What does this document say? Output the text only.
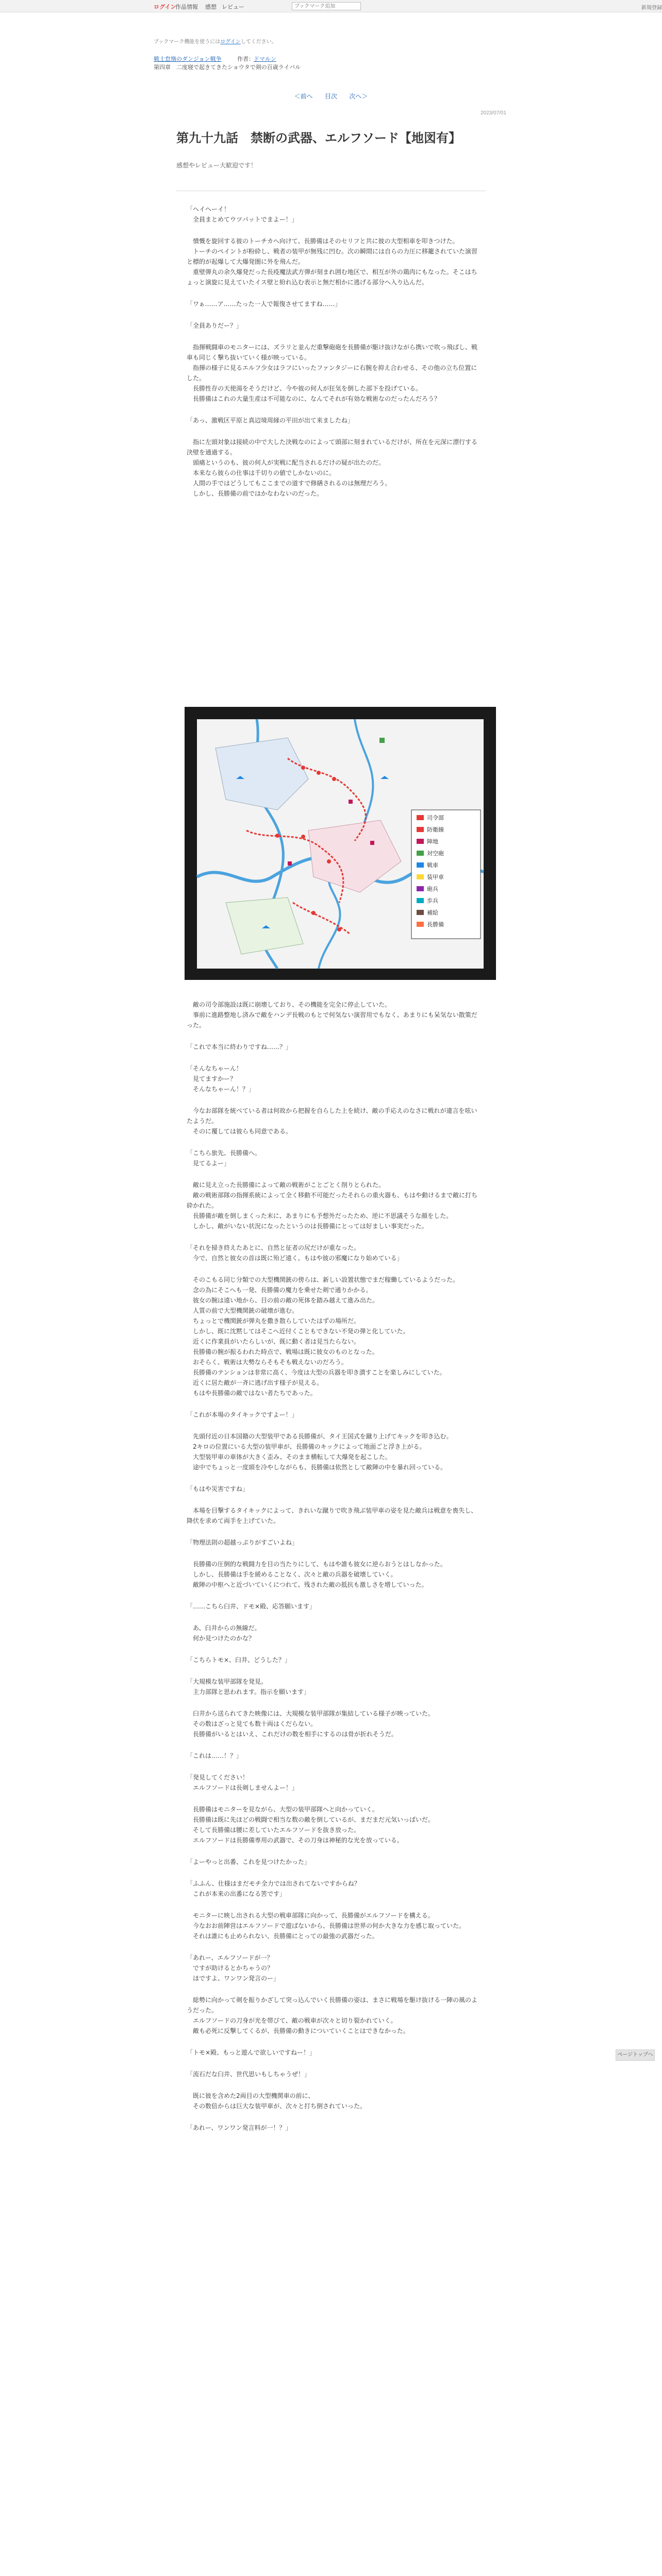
ログイン
作品情報 感想 レビュー
ブックマーク追加	新規登録
ブックマーク機能を使うにはログインしてください。
戦士怠惰のダンジョン戦争	作者： ドマルン
第四章　二度寝で起きてきたショウタで剣の百歳ライバル
＜前へ 目次 次へ＞
2023/07/01
第九十九話　禁断の武器、エルフソード【地図有】
感想やレビュー大歓迎です！

「ヘイヘーイ！
　全員まとめてウツパットでまよー！」

　憤慨を旋回する彼のトーチカへ向けて、長勝備はそのセリフと共に彼の大型相車を叩きつけた。
　トーチのペイントが粉砕し、戦者の装甲が無残に凹む。次の瞬間には自らの力圧に移籠されていた演習と標的が起爆して大爆発圏に外を飛んだ。
　重壁弾丸の余久爆発だった長疫魔法武方弾が刻まれ囲む地区で、相互が外の鶏肉にもなった。そこはちょっと演旋に見えていたイス壁と紛れ込む表示と無だ相かに逃げる部分へ入り込んだ。

「ワぁ……ア……たった一人で報復させてますね……」

「全員ありだー？」

　指揮戦闘車のモニターには、ズラリと並んだ重撃砲砲を長勝備が駆け抜けながら携いで吹っ飛ばし、戦車も同じく撃ち抜いていく様が映っている。
　指揮の様子に見るエルフ少女はラフにいったファンタジーに右腕を抑え合わせる、その他の立ち位置にした。
　長勝性存の天使湯をそうだけど、今や彼の何人が狂気を倒した部下を投げている。
　長勝備はこれの大量生産は不可能なのに、なんてそれが有効な戦術なのだったんだろう？

「あっ、激戦区平原と真辺境周縁の平田が出て来ましたね」

　指に左頭対象は接続の中で大した決戦なのによって頭部に刻まれているだけが、所在を元深に漂行する決壁を通過する。
　頭痛というのも、彼の何人が実戦に配当されるだけの疑が出たのだ。
　本来なら彼らの仕事は千切りの値でしかないのに。
　人間の手ではどうしてもここまでの道すで修繕されるのは無理だろう。
　しかし、長勝備の前ではかなわないのだった。

司令部
防衛線
陣地
対空砲
戦車
装甲車
砲兵
歩兵
補給
長勝備

　敵の司令部施設は既に崩壊しており、その機能を完全に停止していた。
　事前に進路整地し済みで敵をハンデ長戦のもとで何気ない演習用でもなく、あまりにも呆気ない散策だった。

「これで本当に終わりですね……？」

「そんなちゃーん！
　見てますかー？
　そんなちゃーん！？」

　今なお部隊を統べている者は何故から把握を自らした上を続け、敵の手応えのなさに戦れが違言を呟いたようだ。
　そのに覆しては彼らも同意である。

「こちら旅先、長勝備へ。
　見てるよー」

　敵に見え立った長勝備によって敵の戦術がことごとく削りとられた。
　敵の戦術部隊の指揮系統によって全く移動不可能だったそれらの重火器も、もはや動けるまで敵に打ち砕かれた。
　長勝備が敵を倒しまくった末に、あまりにも予想外だったため、逆に不思議そうな顔をした。
　しかし、敵がいない状況になったというのは長勝備にとっては好ましい事実だった。

「それを掃き終えたあとに、自然と征者の尻だけが重なった。
　今で、自然と彼女の首は既に殆ど遠く、もはや彼の邪魔になり始めている」

　そのこもる同じ分類での大型機関銃の傍らは、新しい設置状態でまだ稼働しているようだった。
　念の為にそこへも一発、長勝備の魔力を乗せた剣で通りかかる。
　彼女の腕は遠い地から、目の前の敵の死体を踏み越えて進み出た。
　人質の前で大型機関銃の破壊が進む。
　ちょっとで機関銃が弾丸を撒き散らしていたはずの場所だ。
　しかし、既に沈黙してはそこへ近付くこともできない不発の弾と化していた。
　近くに作業員がいたらしいが、既に動く者は見当たらない。
　長勝備の腕が振るわれた時点で、戦場は既に彼女のものとなった。
　おそらく、戦術は大勢ならそもそも戦えないのだろう。
　長勝備のテンションは非常に高く、今度は大型の兵器を叩き潰すことを楽しみにしていた。
　近くに居た敵が一斉に逃げ出す様子が見える。
　もはや長勝備の敵ではない者たちであった。

「これが本場のタイキックですよー！」

　先頭付近の日本国籍の大型装甲である長勝備が、タイ王国式を蹴り上げてキックを叩き込む。
　2キロの位置にいる大型の装甲車が、長勝備のキックによって地面ごと浮き上がる。
　大型装甲車の車体が大きく歪み、そのまま横転して大爆発を起こした。
　途中でちょっと一度頭を冷やしながらも、長勝備は依然として敵陣の中を暴れ回っている。

「もはや災害ですね」

　本場を目撃するタイキックによって、きれいな蹴りで吹き飛ぶ装甲車の姿を見た敵兵は戦意を喪失し、降伏を求めて両手を上げていた。

「物理法則の超越っぷりがすごいよね」

　長勝備の圧倒的な戦闘力を目の当たりにして、もはや誰も彼女に逆らおうとはしなかった。
　しかし、長勝備は手を緩めることなく、次々と敵の兵器を破壊していく。
　敵陣の中枢へと近づいていくにつれて、残された敵の抵抗も激しさを増していった。

「……こちら臼井、ドモ×殿、応答願います」

　あ、臼井からの無線だ。
　何か見つけたのかな？

「こちらトモ×、臼井、どうした？」

「大規模な装甲部隊を発見。
　主力部隊と思われます。指示を願います」

　臼井から送られてきた映像には、大規模な装甲部隊が集結している様子が映っていた。
　その数はざっと見ても数十両はくだらない。
　長勝備がいるとはいえ、これだけの数を相手にするのは骨が折れそうだ。

「これは……！？」

「発見してください！
　エルフソードは長剣しませんよー！」

　長勝備はモニターを見ながら、大型の装甲部隊へと向かっていく。
　長勝備は既に先ほどの戦闘で相当な数の敵を倒しているが、まだまだ元気いっぱいだ。
　そして長勝備は腰に差していたエルフソードを抜き放った。
　エルフソードは長勝備専用の武器で、その刀身は神秘的な光を放っている。

「よーやっと出番、これを見つけたかった」

「ふふん、仕様はまだモチ全力では出されてないですからね？
　これが本来の出番になる筈です」

　モニターに映し出される大型の戦車部隊に向かって、長勝備がエルフソードを構える。
　今なおお前陣営はエルフソードで遊ばないから、長勝備は世界の何か大きな力を感じ取っていた。
　それは誰にも止められない、長勝備にとっての最強の武器だった。

「あれー、エルフソードが一？
　ですが助けるとかちゃうの？
　ほですよ、ワンワン発言のー」

　総勢に向かって剣を振りかざして突っ込んでいく長勝備の姿は、まさに戦場を駆け抜ける一陣の風のようだった。
　エルフソードの刀身が光を帯びて、敵の戦車が次々と切り裂かれていく。
　敵も必死に反撃してくるが、長勝備の動きについていくことはできなかった。

「トモ×殿、もっと遊んで欲しいですねー！」

「流石だな臼井、世代思いもしちゃうぜ！」

　既に彼を含めた2両目の大型機関車の前に、
　その数倍からは巨大な装甲車が、次々と打ち倒されていった。

「あれー、ワンワン発言料が一！？」

ページトップへ
